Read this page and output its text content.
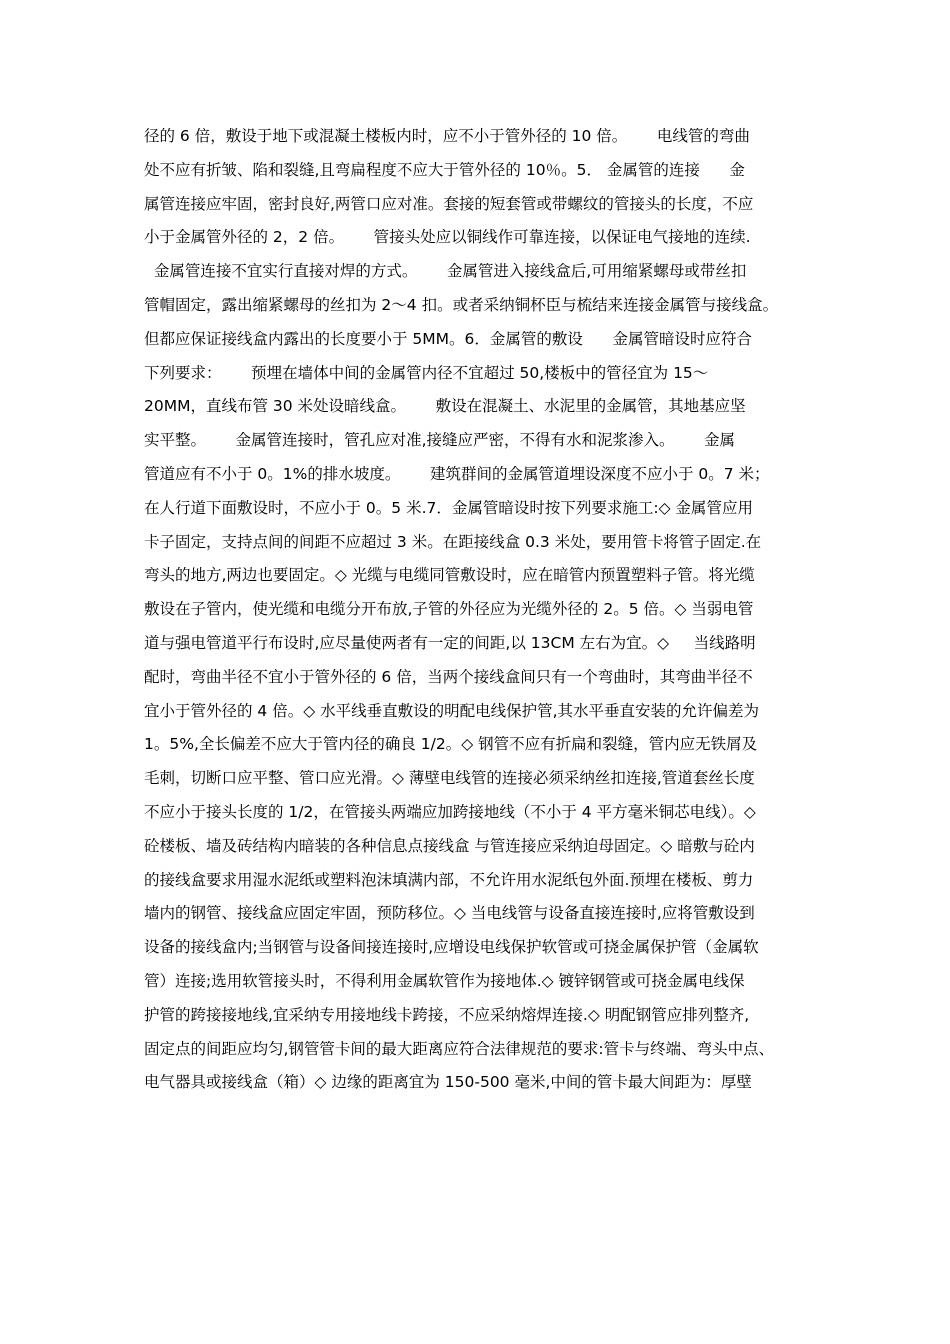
径的 6 倍，敷设于地下或混凝土楼板内时，应不小于管外径的 10 倍。      电线管的弯曲
处不应有折皱、陷和裂缝,且弯扁程度不应大于管外径的 10％。5． 金属管的连接      金
属管连接应牢固，密封良好,两管口应对准。套接的短套管或带螺纹的管接头的长度，不应
小于金属管外径的 2，2 倍。      管接头处应以铜线作可靠连接，以保证电气接地的连续.
金属管连接不宜实行直接对焊的方式。      金属管进入接线盒后,可用缩紧螺母或带丝扣
管帽固定，露出缩紧螺母的丝扣为 2～4 扣。或者采纳铜杯臣与梳结来连接金属管与接线盒。
但都应保证接线盒内露出的长度要小于 5MM。6．金属管的敷设      金属管暗设时应符合
下列要求：      预埋在墙体中间的金属管内径不宜超过 50,楼板中的管径宜为 15～
20MM，直线布管 30 米处设暗线盒。      敷设在混凝土、水泥里的金属管，其地基应坚
实平整。      金属管连接时，管孔应对准,接缝应严密，不得有水和泥浆渗入。      金属
管道应有不小于 0。1%的排水坡度。      建筑群间的金属管道埋设深度不应小于 0。7 米；
在人行道下面敷设时，不应小于 0。5 米.7．金属管暗设时按下列要求施工:◇ 金属管应用
卡子固定，支持点间的间距不应超过 3 米。在距接线盒 0.3 米处，要用管卡将管子固定.在
弯头的地方,两边也要固定。◇ 光缆与电缆同管敷设时，应在暗管内预置塑料子管。将光缆
敷设在子管内，使光缆和电缆分开布放,子管的外径应为光缆外径的 2。5 倍。◇ 当弱电管
道与强电管道平行布设时,应尽量使两者有一定的间距,以 13CM 左右为宜。◇     当线路明
配时，弯曲半径不宜小于管外径的 6 倍，当两个接线盒间只有一个弯曲时，其弯曲半径不
宜小于管外径的 4 倍。◇ 水平线垂直敷设的明配电线保护管,其水平垂直安装的允许偏差为
1。5%,全长偏差不应大于管内径的确良 1/2。◇ 钢管不应有折扁和裂缝，管内应无铁屑及
毛刺，切断口应平整、管口应光滑。◇ 薄壁电线管的连接必须采纳丝扣连接,管道套丝长度
不应小于接头长度的 1/2，在管接头两端应加跨接地线（不小于 4 平方毫米铜芯电线）。◇
砼楼板、墙及砖结构内暗装的各种信息点接线盒 与管连接应采纳迫母固定。◇ 暗敷与砼内
的接线盒要求用湿水泥纸或塑料泡沫填满内部，不允许用水泥纸包外面.预埋在楼板、剪力
墙内的钢管、接线盒应固定牢固，预防移位。◇ 当电线管与设备直接连接时,应将管敷设到
设备的接线盒内;当钢管与设备间接连接时,应增设电线保护软管或可挠金属保护管（金属软
管）连接;选用软管接头时，不得利用金属软管作为接地体.◇ 镀锌钢管或可挠金属电线保
护管的跨接接地线,宜采纳专用接地线卡跨接，不应采纳熔焊连接.◇ 明配钢管应排列整齐,
固定点的间距应均匀,钢管管卡间的最大距离应符合法律规范的要求:管卡与终端、弯头中点、
电气器具或接线盒（箱）◇ 边缘的距离宜为 150-500 毫米,中间的管卡最大间距为：厚壁
